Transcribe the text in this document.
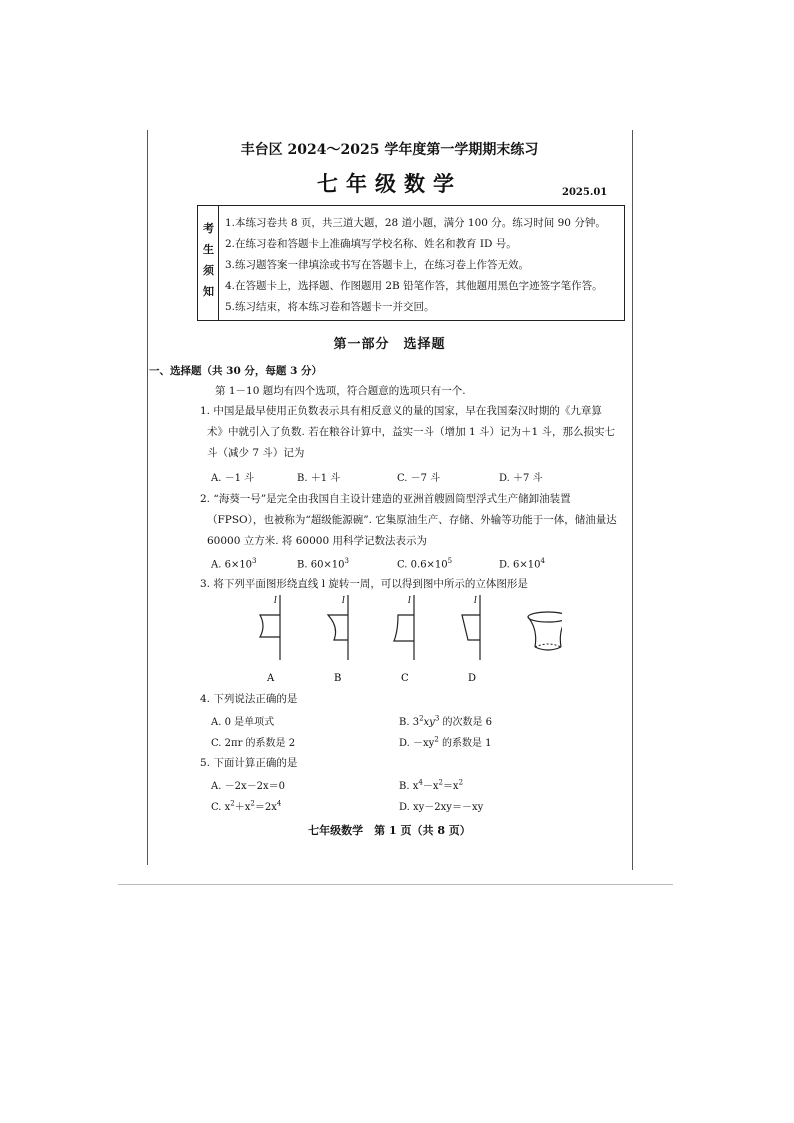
丰台区 2024～2025 学年度第一学期期末练习
七年级数学	2025.01
考
生
须
知
1.本练习卷共 8 页，共三道大题，28 道小题，满分 100 分。练习时间 90 分钟。
2.在练习卷和答题卡上准确填写学校名称、姓名和教育 ID 号。
3.练习题答案一律填涂或书写在答题卡上，在练习卷上作答无效。
4.在答题卡上，选择题、作图题用 2B 铅笔作答，其他题用黑色字迹签字笔作答。
5.练习结束，将本练习卷和答题卡一并交回。
第一部分　选择题
一、选择题（共 30 分，每题 3 分）
第 1－10 题均有四个选项，符合题意的选项只有一个.
1. 中国是最早使用正负数表示具有相反意义的量的国家，早在我国秦汉时期的《九章算
术》中就引入了负数. 若在粮谷计算中，益实一斗（增加 1 斗）记为＋1 斗，那么损实七
斗（减少 7 斗）记为
A. －1 斗	B. ＋1 斗	C. －7 斗	D. ＋7 斗
2. “海葵一号”是完全由我国自主设计建造的亚洲首艘圆筒型浮式生产储卸油装置
（FPSO），也被称为“超级能源碗”. 它集原油生产、存储、外输等功能于一体，储油量达
60000 立方米. 将 60000 用科学记数法表示为
A. $6\times 10^3$	B. $60\times 10^3$	C. $0.6\times 10^5$	D. $6\times 10^4$
3. 将下列平面图形绕直线 l 旋转一周，可以得到图中所示的立体图形是
l	l	l	l
A	B	C	D
4. 下列说法正确的是
A. 0 是单项式	B. $3^2xy^3$ 的次数是 6
C. 2πr 的系数是 2	D. $-xy^2$ 的系数是 1
5. 下面计算正确的是
A. －2x－2x＝0	B. $x^4-x^2=x^2$
C. $x^2+x^2=2x^4$	D. xy－2xy＝－xy
七年级数学　第 1 页（共 8 页）
